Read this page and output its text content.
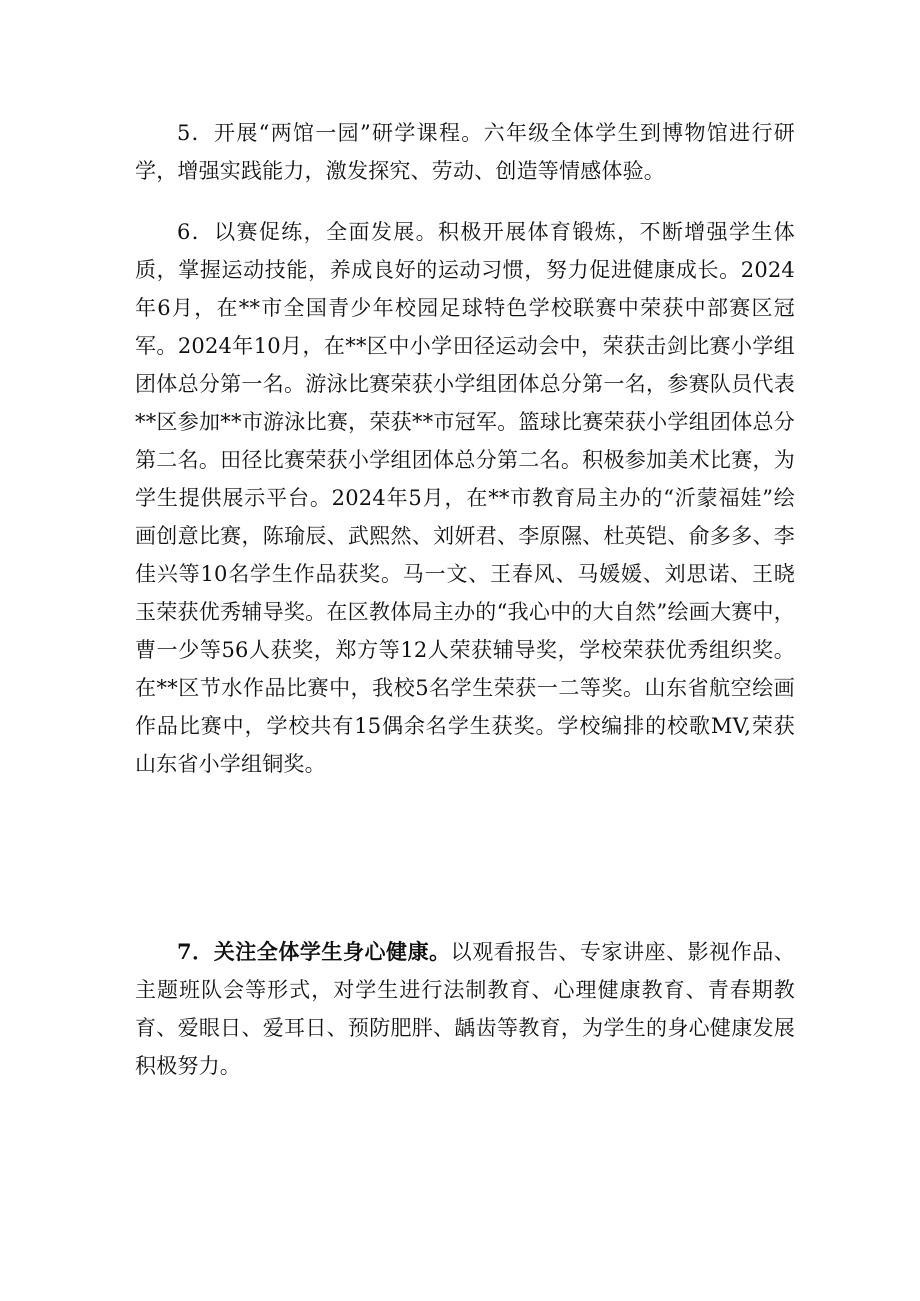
5．开展“两馆一园”研学课程。六年级全体学生到博物馆进行研学，增强实践能力，激发探究、劳动、创造等情感体验。

6．以赛促练，全面发展。积极开展体育锻炼，不断增强学生体质，掌握运动技能，养成良好的运动习惯，努力促进健康成长。2024年6月，在**市全国青少年校园足球特色学校联赛中荣获中部赛区冠军。2024年10月，在**区中小学田径运动会中，荣获击剑比赛小学组团体总分第一名。游泳比赛荣获小学组团体总分第一名，参赛队员代表**区参加**市游泳比赛，荣获**市冠军。篮球比赛荣获小学组团体总分第二名。田径比赛荣获小学组团体总分第二名。积极参加美术比赛，为学生提供展示平台。2024年5月，在**市教育局主办的“沂蒙福娃”绘画创意比赛，陈瑜辰、武熙然、刘妍君、李原隰、杜英铠、俞多多、李佳兴等10名学生作品获奖。马一文、王春风、马媛媛、刘思诺、王晓玉荣获优秀辅导奖。在区教体局主办的“我心中的大自然”绘画大赛中，曹一少等56人获奖，郑方等12人荣获辅导奖，学校荣获优秀组织奖。在**区节水作品比赛中，我校5名学生荣获一二等奖。山东省航空绘画作品比赛中，学校共有15偶余名学生获奖。学校编排的校歌MV,荣获山东省小学组铜奖。

7．关注全体学生身心健康。以观看报告、专家讲座、影视作品、主题班队会等形式，对学生进行法制教育、心理健康教育、青春期教育、爱眼日、爱耳日、预防肥胖、龋齿等教育，为学生的身心健康发展积极努力。
